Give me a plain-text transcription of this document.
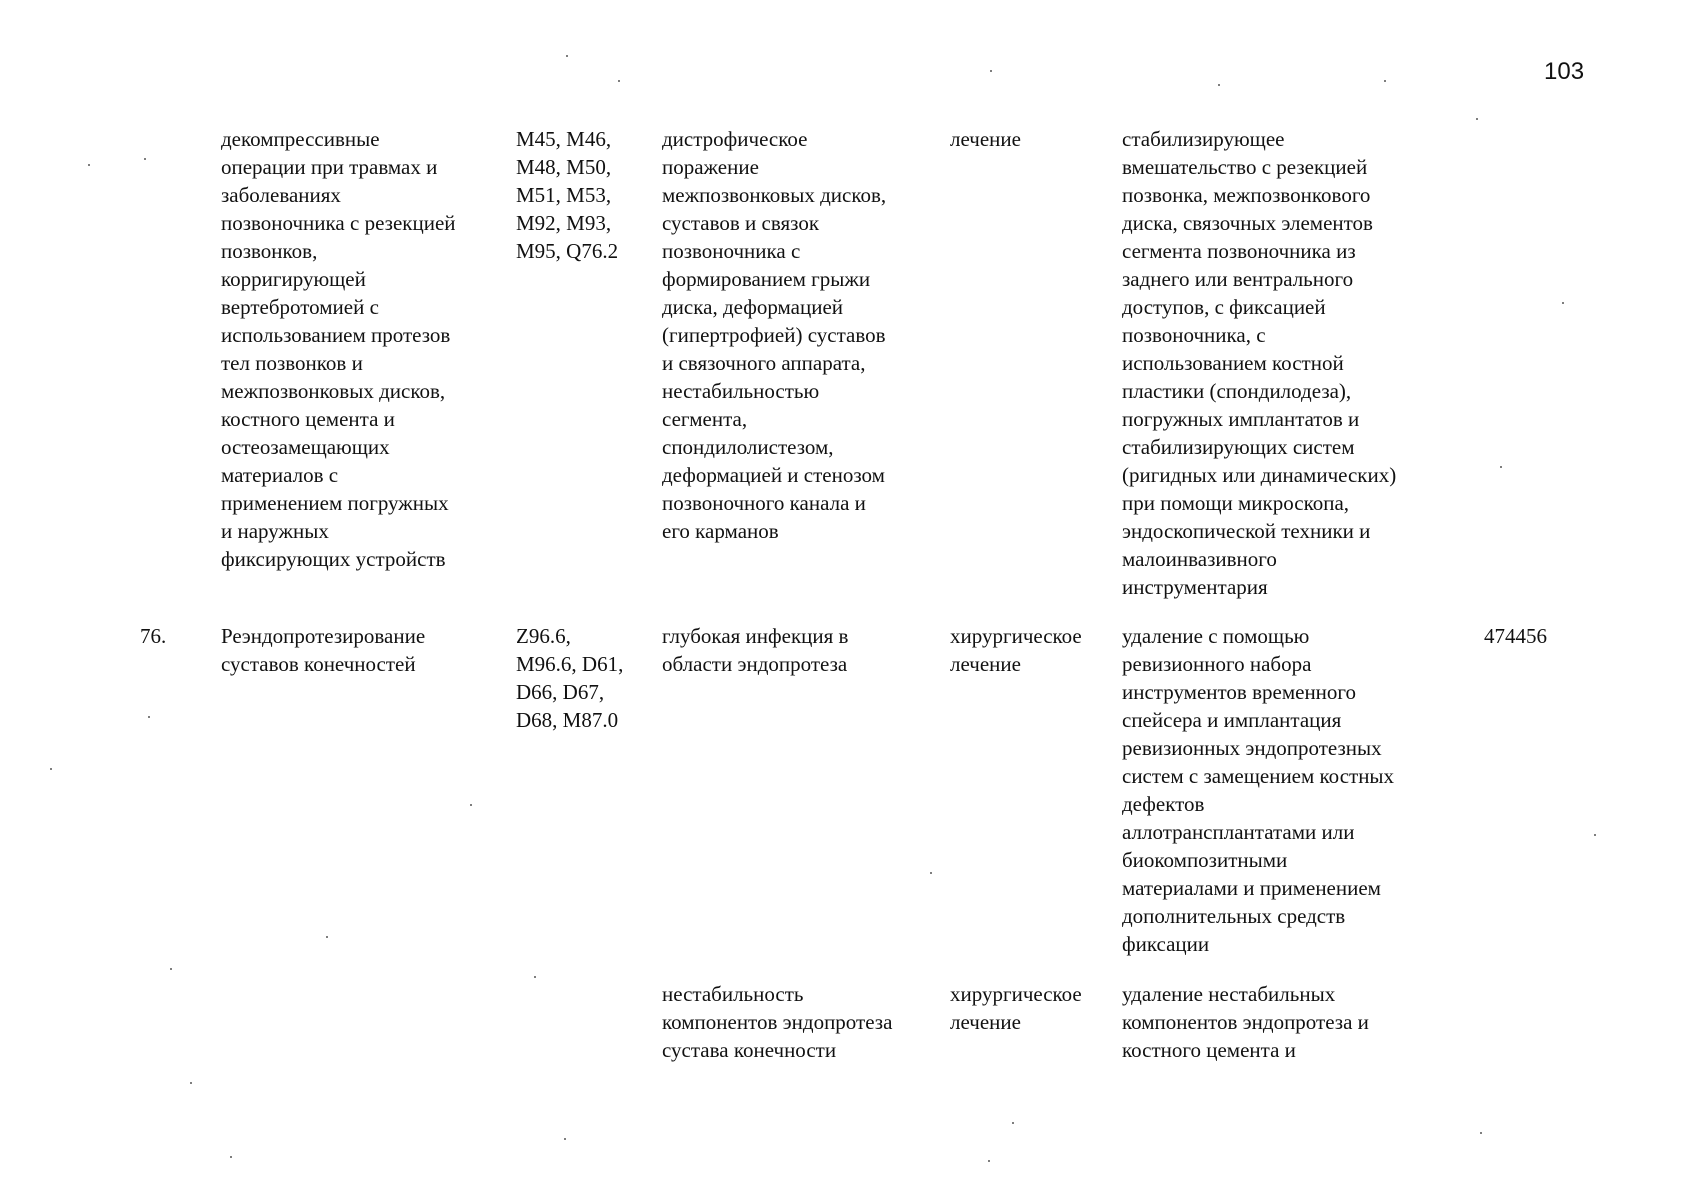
103
декомпрессивные
операции при травмах и
заболеваниях
позвоночника с резекцией
позвонков,
корригирующей
вертебротомией с
использованием протезов
тел позвонков и
межпозвонковых дисков,
костного цемента и
остеозамещающих
материалов с
применением погружных
и наружных
фиксирующих устройств
M45, M46,
M48, M50,
M51, M53,
M92, M93,
M95, Q76.2
дистрофическое
поражение
межпозвонковых дисков,
суставов и связок
позвоночника с
формированием грыжи
диска, деформацией
(гипертрофией) суставов
и связочного аппарата,
нестабильностью
сегмента,
спондилолистезом,
деформацией и стенозом
позвоночного канала и
его карманов
лечение	стабилизирующее
вмешательство с резекцией
позвонка, межпозвонкового
диска, связочных элементов
сегмента позвоночника из
заднего или вентрального
доступов, с фиксацией
позвоночника, с
использованием костной
пластики (спондилодеза),
погружных имплантатов и
стабилизирующих систем
(ригидных или динамических)
при помощи микроскопа,
эндоскопической техники и
малоинвазивного
инструментария
76.	Реэндопротезирование
суставов конечностей
Z96.6,
M96.6, D61,
D66, D67,
D68, M87.0
глубокая инфекция в
области эндопротеза
хирургическое
лечение
удаление с помощью
ревизионного набора
инструментов временного
спейсера и имплантация
ревизионных эндопротезных
систем с замещением костных
дефектов
аллотрансплантатами или
биокомпозитными
материалами и применением
дополнительных средств
фиксации
474456
нестабильность
компонентов эндопротеза
сустава конечности
хирургическое
лечение
удаление нестабильных
компонентов эндопротеза и
костного цемента и
